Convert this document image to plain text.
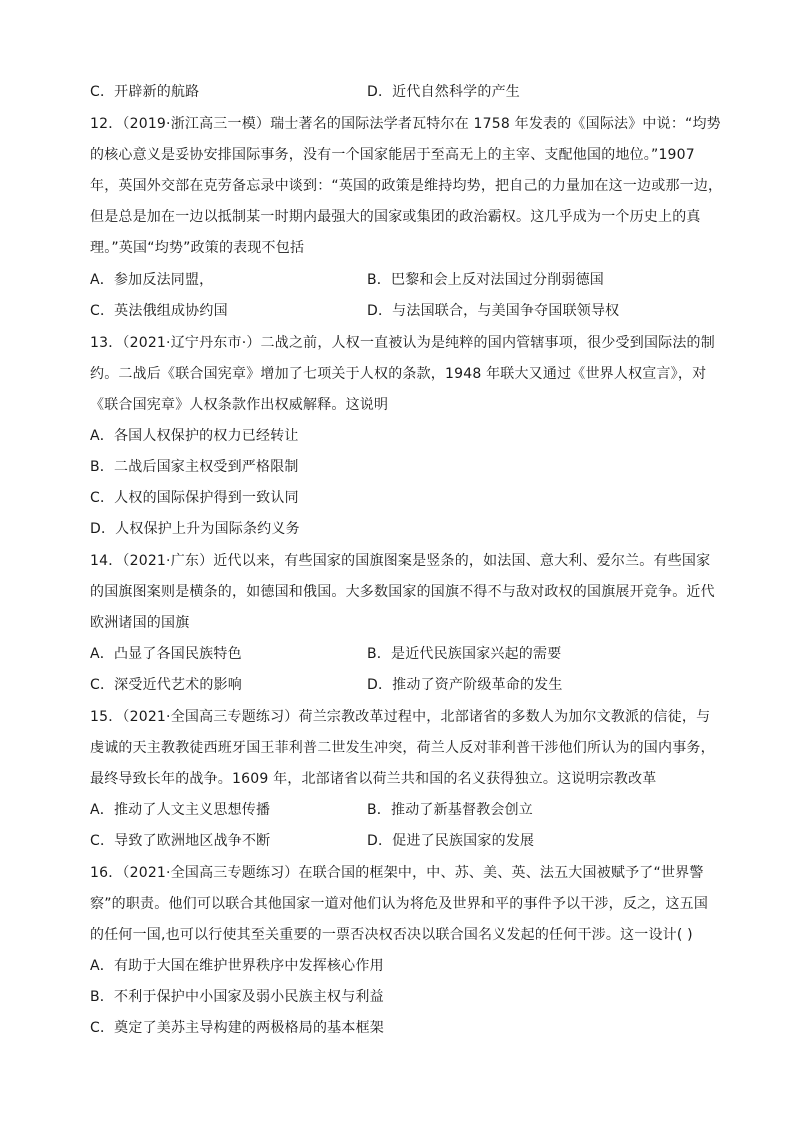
C．开辟新的航路	D．近代自然科学的产生
12．（2019·浙江高三一模）瑞士著名的国际法学者瓦特尔在 1758 年发表的《国际法》中说：“均势
的核心意义是妥协安排国际事务，没有一个国家能居于至高无上的主宰、支配他国的地位。”1907
年，英国外交部在克劳备忘录中谈到：“英国的政策是维持均势，把自己的力量加在这一边或那一边，
但是总是加在一边以抵制某一时期内最强大的国家或集团的政治霸权。这几乎成为一个历史上的真
理。”英国“均势”政策的表现不包括
A．参加反法同盟，	B．巴黎和会上反对法国过分削弱德国
C．英法俄组成协约国	D．与法国联合，与美国争夺国联领导权
13．（2021·辽宁丹东市·）二战之前，人权一直被认为是纯粹的国内管辖事项，很少受到国际法的制
约。二战后《联合国宪章》增加了七项关于人权的条款，1948 年联大又通过《世界人权宣言》，对
《联合国宪章》人权条款作出权威解释。这说明
A．各国人权保护的权力已经转让
B．二战后国家主权受到严格限制
C．人权的国际保护得到一致认同
D．人权保护上升为国际条约义务
14．（2021·广东）近代以来，有些国家的国旗图案是竖条的，如法国、意大利、爱尔兰。有些国家
的国旗图案则是横条的，如德国和俄国。大多数国家的国旗不得不与敌对政权的国旗展开竞争。近代
欧洲诸国的国旗
A．凸显了各国民族特色	B．是近代民族国家兴起的需要
C．深受近代艺术的影响	D．推动了资产阶级革命的发生
15．（2021·全国高三专题练习）荷兰宗教改革过程中，北部诸省的多数人为加尔文教派的信徒，与
虔诚的天主教教徒西班牙国王菲利普二世发生冲突，荷兰人反对菲利普干涉他们所认为的国内事务，
最终导致长年的战争。1609 年，北部诸省以荷兰共和国的名义获得独立。这说明宗教改革
A．推动了人文主义思想传播	B．推动了新基督教会创立
C．导致了欧洲地区战争不断	D．促进了民族国家的发展
16．（2021·全国高三专题练习）在联合国的框架中，中、苏、美、英、法五大国被赋予了“世界警
察”的职责。他们可以联合其他国家一道对他们认为将危及世界和平的事件予以干涉，反之，这五国
的任何一国,也可以行使其至关重要的一票否决权否决以联合国名义发起的任何干涉。这一设计( )
A．有助于大国在维护世界秩序中发挥核心作用
B．不利于保护中小国家及弱小民族主权与利益
C．奠定了美苏主导构建的两极格局的基本框架
